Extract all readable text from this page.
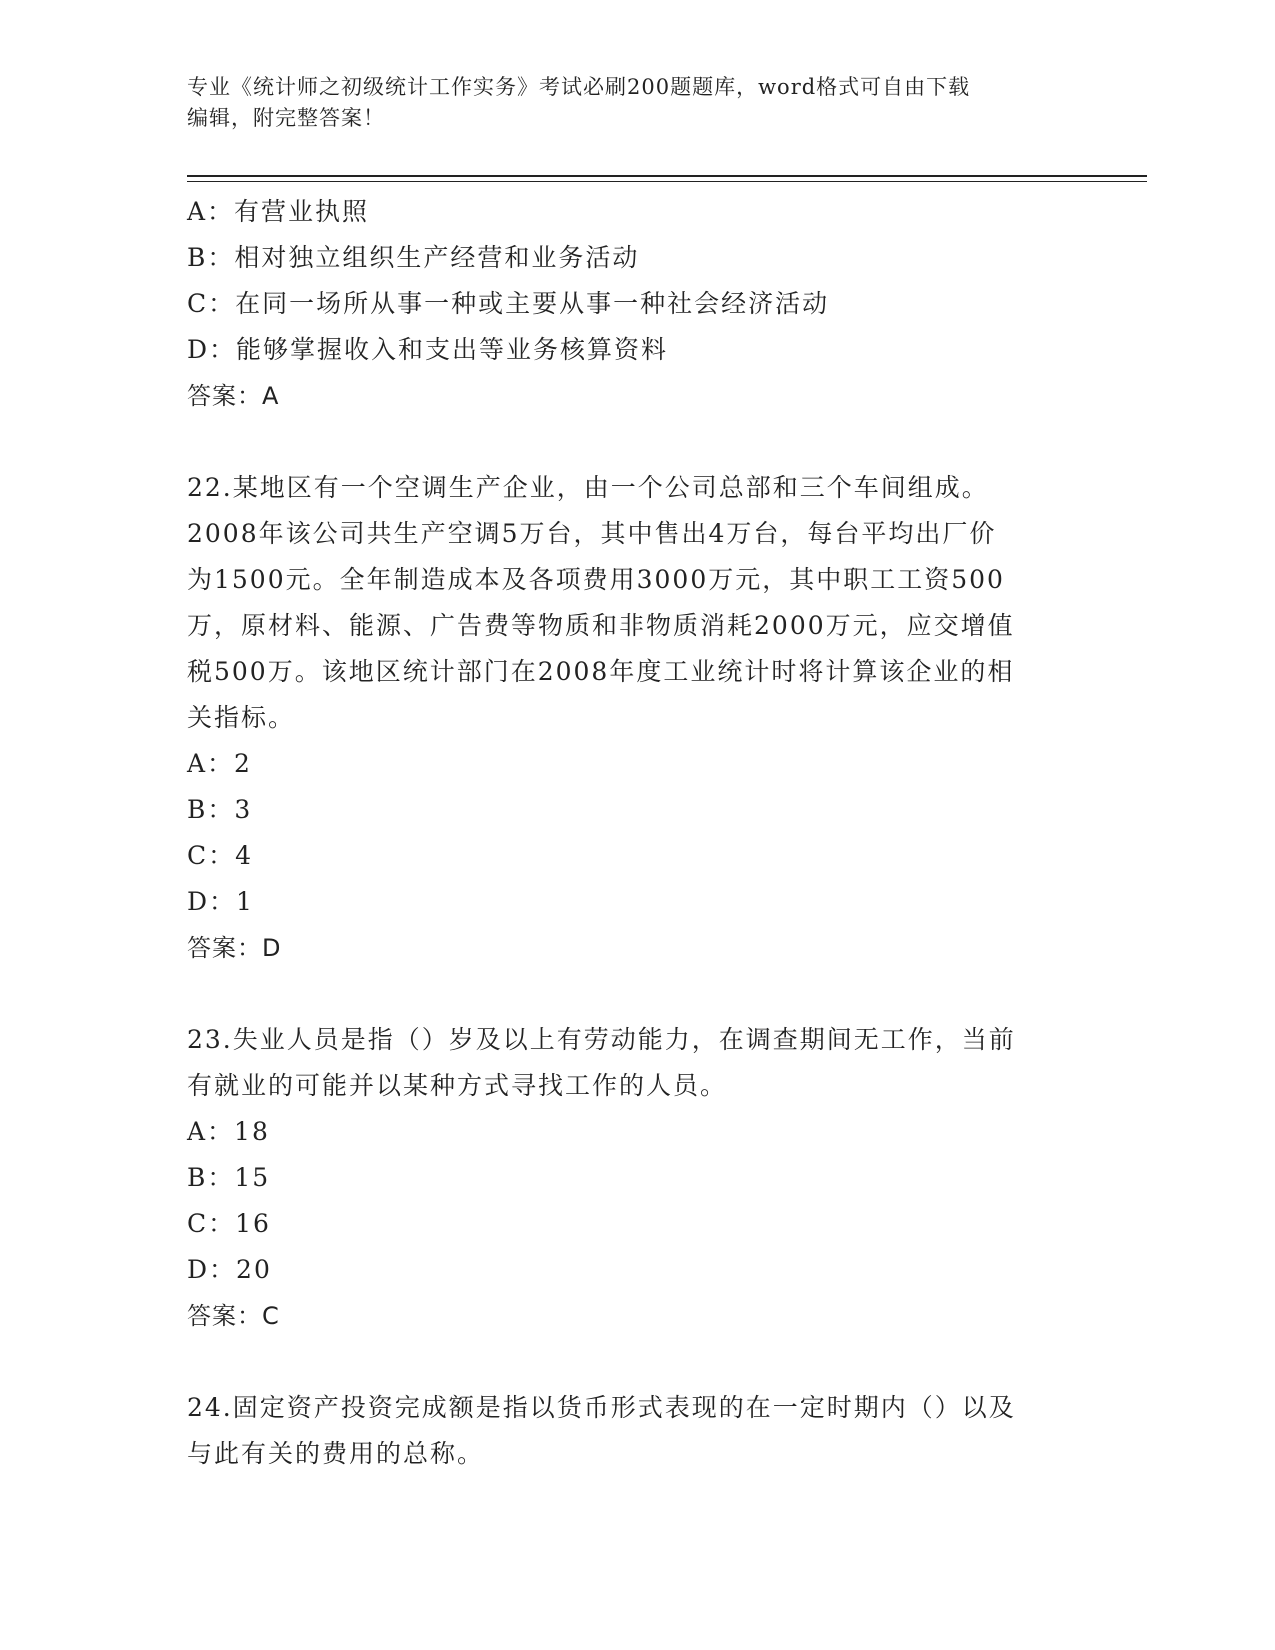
专业《统计师之初级统计工作实务》考试必刷200题题库，word格式可自由下载
编辑，附完整答案！
A：有营业执照
B：相对独立组织生产经营和业务活动
C：在同一场所从事一种或主要从事一种社会经济活动
D：能够掌握收入和支出等业务核算资料
答案：A
22.某地区有一个空调生产企业，由一个公司总部和三个车间组成。
2008年该公司共生产空调5万台，其中售出4万台，每台平均出厂价
为1500元。全年制造成本及各项费用3000万元，其中职工工资500
万，原材料、能源、广告费等物质和非物质消耗2000万元，应交增值
税500万。该地区统计部门在2008年度工业统计时将计算该企业的相
关指标。
A：2
B：3
C：4
D：1
答案：D
23.失业人员是指（）岁及以上有劳动能力，在调查期间无工作，当前
有就业的可能并以某种方式寻找工作的人员。
A：18
B：15
C：16
D：20
答案：C
24.固定资产投资完成额是指以货币形式表现的在一定时期内（）以及
与此有关的费用的总称。
